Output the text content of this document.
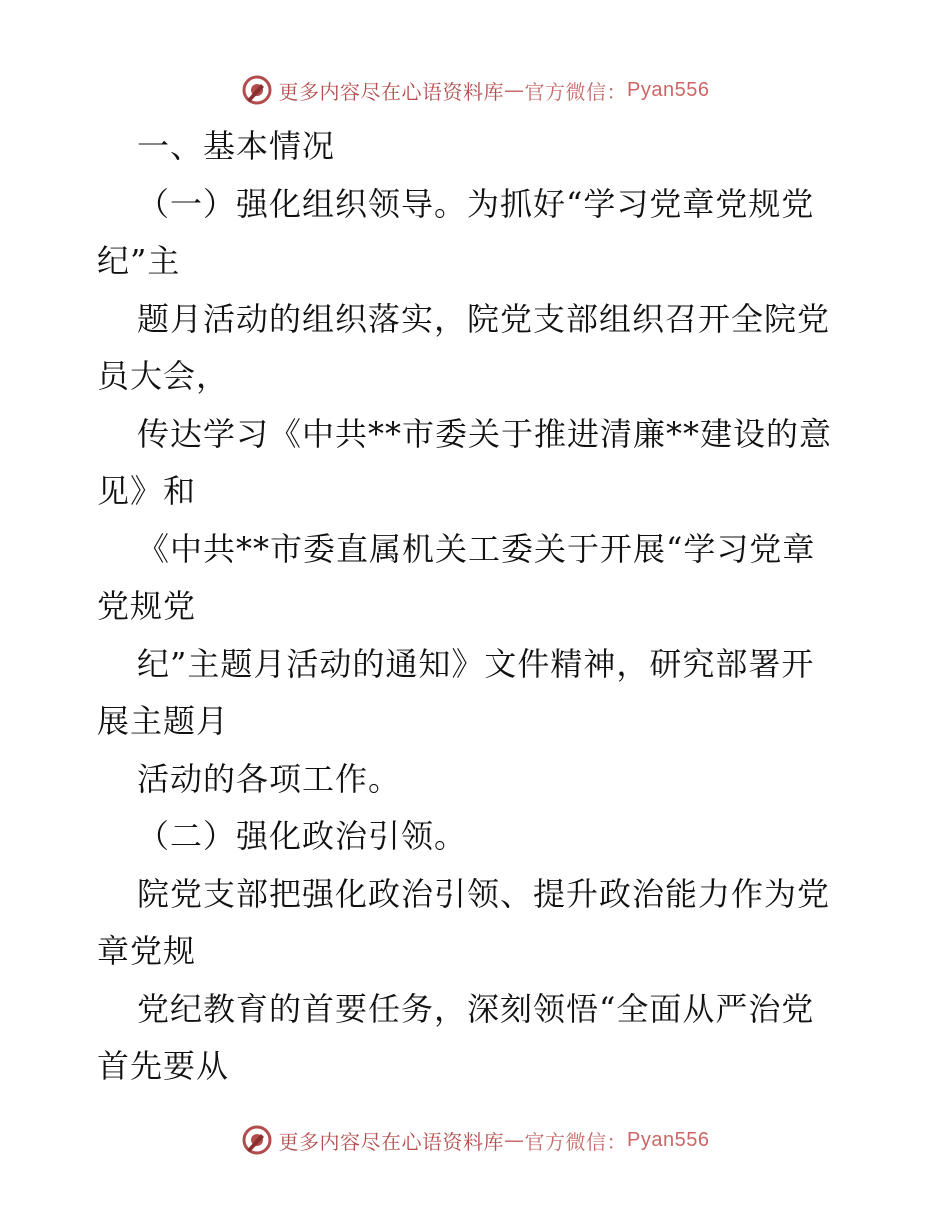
更多内容尽在心语资料库 — 官方微信： Pyan556
一、基本情况
（一）强化组织领导。为抓好“学习党章党规党
纪”主
题月活动的组织落实，院党支部组织召开全院党
员大会，
传达学习《中共**市委关于推进清廉**建设的意
见》和
《中共**市委直属机关工委关于开展“学习党章
党规党
纪”主题月活动的通知》文件精神，研究部署开
展主题月
活动的各项工作。
（二）强化政治引领。
院党支部把强化政治引领、提升政治能力作为党
章党规
党纪教育的首要任务，深刻领悟“全面从严治党
首先要从
更多内容尽在心语资料库 — 官方微信： Pyan556
